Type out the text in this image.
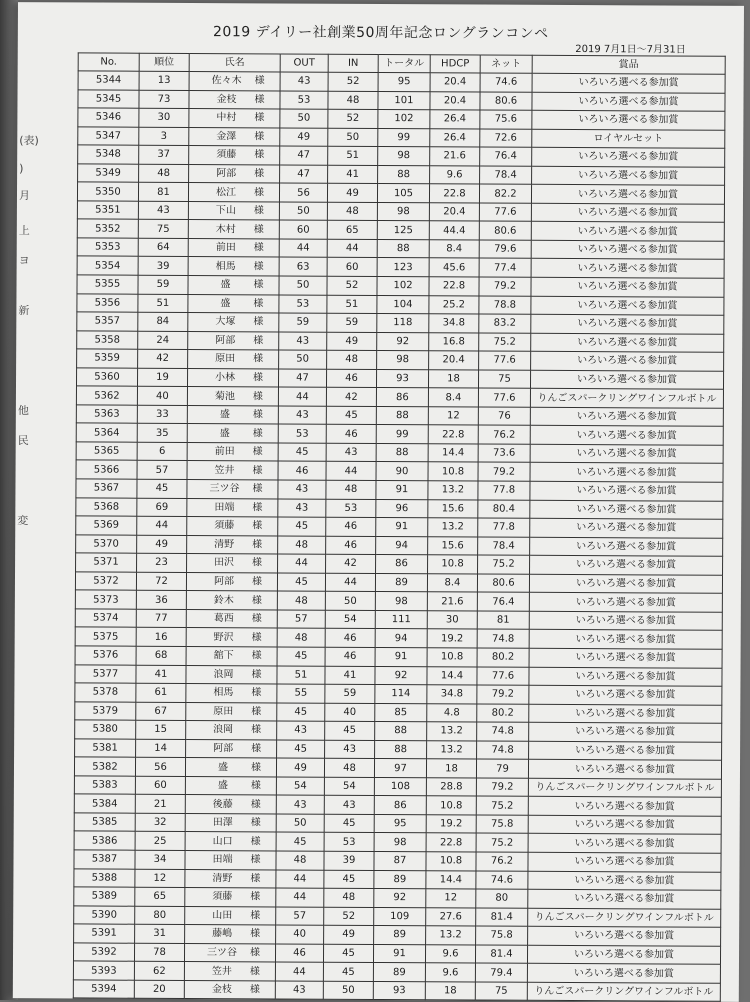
(表)
)
月
上
ヨ
新
他
民
変
2019 デイリー社創業50周年記念ロングランコンペ
2019 7月1日～7月31日
No.	順位	氏名	OUT	IN	トータル	HDCP	ネット	賞品
5344	13	佐々木 様	43	52	95	20.4	74.6	いろいろ選べる参加賞
5345	73	金枝 様	53	48	101	20.4	80.6	いろいろ選べる参加賞
5346	30	中村 様	50	52	102	26.4	75.6	いろいろ選べる参加賞
5347	3	金澤 様	49	50	99	26.4	72.6	ロイヤルセット
5348	37	須藤 様	47	51	98	21.6	76.4	いろいろ選べる参加賞
5349	48	阿部 様	47	41	88	9.6	78.4	いろいろ選べる参加賞
5350	81	松江 様	56	49	105	22.8	82.2	いろいろ選べる参加賞
5351	43	下山 様	50	48	98	20.4	77.6	いろいろ選べる参加賞
5352	75	木村 様	60	65	125	44.4	80.6	いろいろ選べる参加賞
5353	64	前田 様	44	44	88	8.4	79.6	いろいろ選べる参加賞
5354	39	相馬 様	63	60	123	45.6	77.4	いろいろ選べる参加賞
5355	59	盛 様	50	52	102	22.8	79.2	いろいろ選べる参加賞
5356	51	盛 様	53	51	104	25.2	78.8	いろいろ選べる参加賞
5357	84	大塚 様	59	59	118	34.8	83.2	いろいろ選べる参加賞
5358	24	阿部 様	43	49	92	16.8	75.2	いろいろ選べる参加賞
5359	42	原田 様	50	48	98	20.4	77.6	いろいろ選べる参加賞
5360	19	小林 様	47	46	93	18	75	いろいろ選べる参加賞
5362	40	菊池 様	44	42	86	8.4	77.6	りんごスパークリングワインフルボトル
5363	33	盛 様	43	45	88	12	76	いろいろ選べる参加賞
5364	35	盛 様	53	46	99	22.8	76.2	いろいろ選べる参加賞
5365	6	前田 様	45	43	88	14.4	73.6	いろいろ選べる参加賞
5366	57	笠井 様	46	44	90	10.8	79.2	いろいろ選べる参加賞
5367	45	三ツ谷 様	43	48	91	13.2	77.8	いろいろ選べる参加賞
5368	69	田端 様	43	53	96	15.6	80.4	いろいろ選べる参加賞
5369	44	須藤 様	45	46	91	13.2	77.8	いろいろ選べる参加賞
5370	49	清野 様	48	46	94	15.6	78.4	いろいろ選べる参加賞
5371	23	田沢 様	44	42	86	10.8	75.2	いろいろ選べる参加賞
5372	72	阿部 様	45	44	89	8.4	80.6	いろいろ選べる参加賞
5373	36	鈴木 様	48	50	98	21.6	76.4	いろいろ選べる参加賞
5374	77	葛西 様	57	54	111	30	81	いろいろ選べる参加賞
5375	16	野沢 様	48	46	94	19.2	74.8	いろいろ選べる参加賞
5376	68	舘下 様	45	46	91	10.8	80.2	いろいろ選べる参加賞
5377	41	浪岡 様	51	41	92	14.4	77.6	いろいろ選べる参加賞
5378	61	相馬 様	55	59	114	34.8	79.2	いろいろ選べる参加賞
5379	67	原田 様	45	40	85	4.8	80.2	いろいろ選べる参加賞
5380	15	浪岡 様	43	45	88	13.2	74.8	いろいろ選べる参加賞
5381	14	阿部 様	45	43	88	13.2	74.8	いろいろ選べる参加賞
5382	56	盛 様	49	48	97	18	79	いろいろ選べる参加賞
5383	60	盛 様	54	54	108	28.8	79.2	りんごスパークリングワインフルボトル
5384	21	後藤 様	43	43	86	10.8	75.2	いろいろ選べる参加賞
5385	32	田澤 様	50	45	95	19.2	75.8	いろいろ選べる参加賞
5386	25	山口 様	45	53	98	22.8	75.2	いろいろ選べる参加賞
5387	34	田端 様	48	39	87	10.8	76.2	いろいろ選べる参加賞
5388	12	清野 様	44	45	89	14.4	74.6	いろいろ選べる参加賞
5389	65	須藤 様	44	48	92	12	80	いろいろ選べる参加賞
5390	80	山田 様	57	52	109	27.6	81.4	りんごスパークリングワインフルボトル
5391	31	藤嶋 様	40	49	89	13.2	75.8	いろいろ選べる参加賞
5392	78	三ツ谷 様	46	45	91	9.6	81.4	いろいろ選べる参加賞
5393	62	笠井 様	44	45	89	9.6	79.4	いろいろ選べる参加賞
5394	20	金枝 様	43	50	93	18	75	りんごスパークリングワインフルボトル
